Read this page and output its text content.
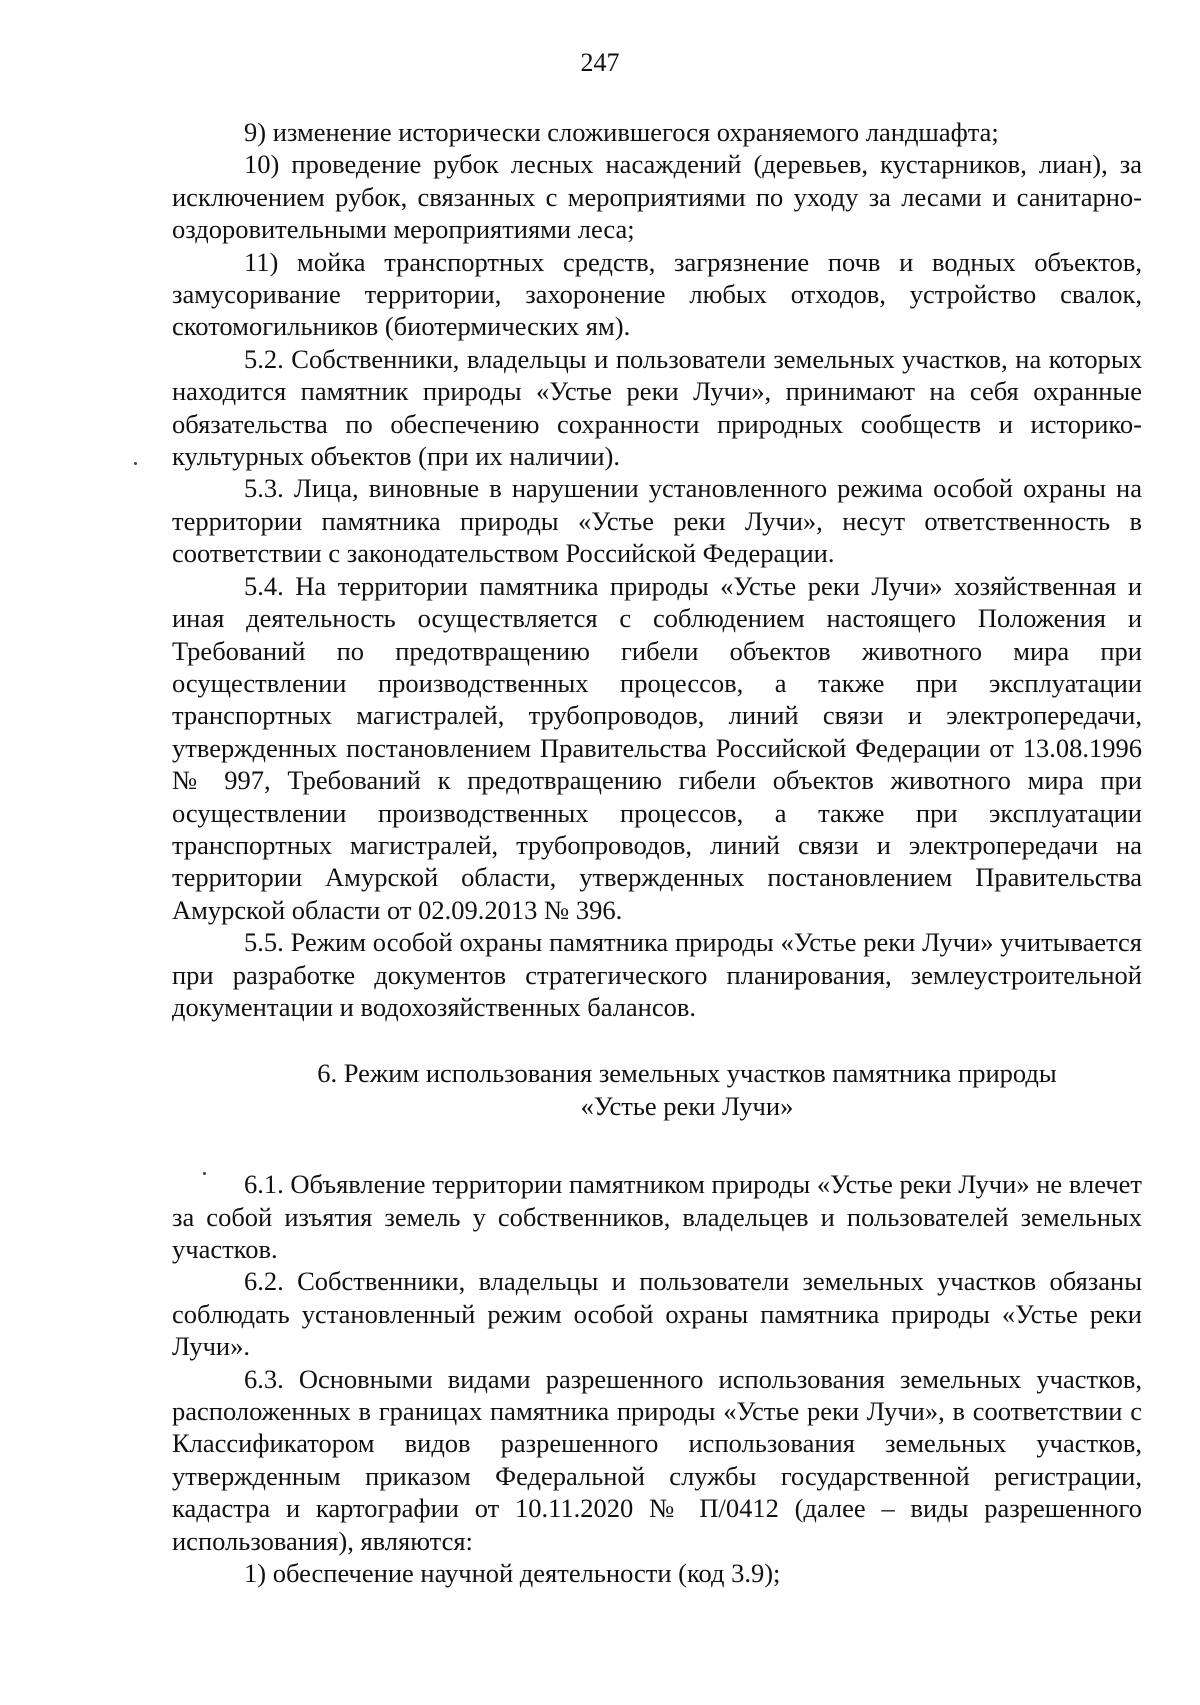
247

9) изменение исторически сложившегося охраняемого ландшафта;

10) проведение рубок лесных насаждений (деревьев, кустарников, лиан), за исключением рубок, связанных с мероприятиями по уходу за лесами и санитарно-оздоровительными мероприятиями леса;

11) мойка транспортных средств, загрязнение почв и водных объектов, замусоривание территории, захоронение любых отходов, устройство свалок, скотомогильников (биотермических ям).

5.2. Собственники, владельцы и пользователи земельных участков, на которых находится памятник природы «Устье реки Лучи», принимают на себя охранные обязательства по обеспечению сохранности природных сообществ и историко-культурных объектов (при их наличии).

5.3. Лица, виновные в нарушении установленного режима особой охраны на территории памятника природы «Устье реки Лучи», несут ответственность в соответствии с законодательством Российской Федерации.

5.4. На территории памятника природы «Устье реки Лучи» хозяйственная и иная деятельность осуществляется с соблюдением настоящего Положения и Требований по предотвращению гибели объектов животного мира при осуществлении производственных процессов, а также при эксплуатации транспортных магистралей, трубопроводов, линий связи и электропередачи, утвержденных постановлением Правительства Российской Федерации от 13.08.1996 № 997, Требований к предотвращению гибели объектов животного мира при осуществлении производственных процессов, а также при эксплуатации транспортных магистралей, трубопроводов, линий связи и электропередачи на территории Амурской области, утвержденных постановлением Правительства Амурской области от 02.09.2013 № 396.

5.5. Режим особой охраны памятника природы «Устье реки Лучи» учитывается при разработке документов стратегического планирования, землеустроительной документации и водохозяйственных балансов.

6. Режим использования земельных участков памятника природы
«Устье реки Лучи»

6.1. Объявление территории памятником природы «Устье реки Лучи» не влечет за собой изъятия земель у собственников, владельцев и пользователей земельных участков.

6.2. Собственники, владельцы и пользователи земельных участков обязаны соблюдать установленный режим особой охраны памятника природы «Устье реки Лучи».

6.3. Основными видами разрешенного использования земельных участков, расположенных в границах памятника природы «Устье реки Лучи», в соответствии с Классификатором видов разрешенного использования земельных участков, утвержденным приказом Федеральной службы государственной регистрации, кадастра и картографии от 10.11.2020 № П/0412 (далее – виды разрешенного использования), являются:

1) обеспечение научной деятельности (код 3.9);
